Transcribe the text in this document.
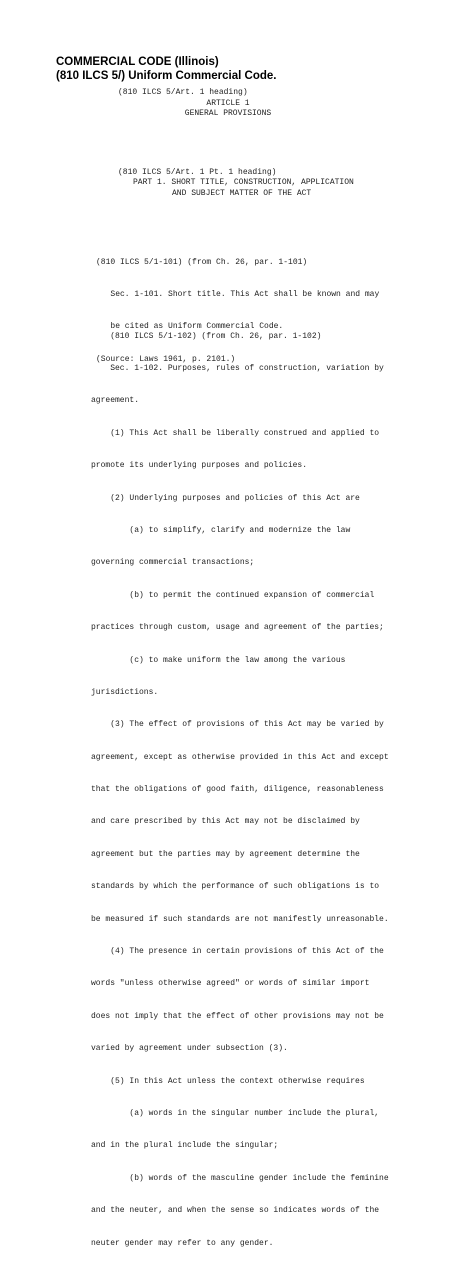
COMMERCIAL CODE (Illinois)
(810 ILCS 5/) Uniform Commercial Code.
(810 ILCS 5/Art. 1 heading)
ARTICLE 1
GENERAL PROVISIONS
(810 ILCS 5/Art. 1 Pt. 1 heading)
PART 1. SHORT TITLE, CONSTRUCTION, APPLICATION
AND SUBJECT MATTER OF THE ACT

(810 ILCS 5/1-101) (from Ch. 26, par. 1-101)

Sec. 1-101. Short title. This Act shall be known and may

be cited as Uniform Commercial Code.

(Source: Laws 1961, p. 2101.)

(810 ILCS 5/1-102) (from Ch. 26, par. 1-102)

Sec. 1-102. Purposes, rules of construction, variation by

agreement.

(1) This Act shall be liberally construed and applied to

promote its underlying purposes and policies.

(2) Underlying purposes and policies of this Act are

(a) to simplify, clarify and modernize the law

governing commercial transactions;

(b) to permit the continued expansion of commercial

practices through custom, usage and agreement of the parties;

(c) to make uniform the law among the various

jurisdictions.

(3) The effect of provisions of this Act may be varied by

agreement, except as otherwise provided in this Act and except

that the obligations of good faith, diligence, reasonableness

and care prescribed by this Act may not be disclaimed by

agreement but the parties may by agreement determine the

standards by which the performance of such obligations is to

be measured if such standards are not manifestly unreasonable.

(4) The presence in certain provisions of this Act of the

words "unless otherwise agreed" or words of similar import

does not imply that the effect of other provisions may not be

varied by agreement under subsection (3).

(5) In this Act unless the context otherwise requires

(a) words in the singular number include the plural,

and in the plural include the singular;

(b) words of the masculine gender include the feminine

and the neuter, and when the sense so indicates words of the

neuter gender may refer to any gender.
